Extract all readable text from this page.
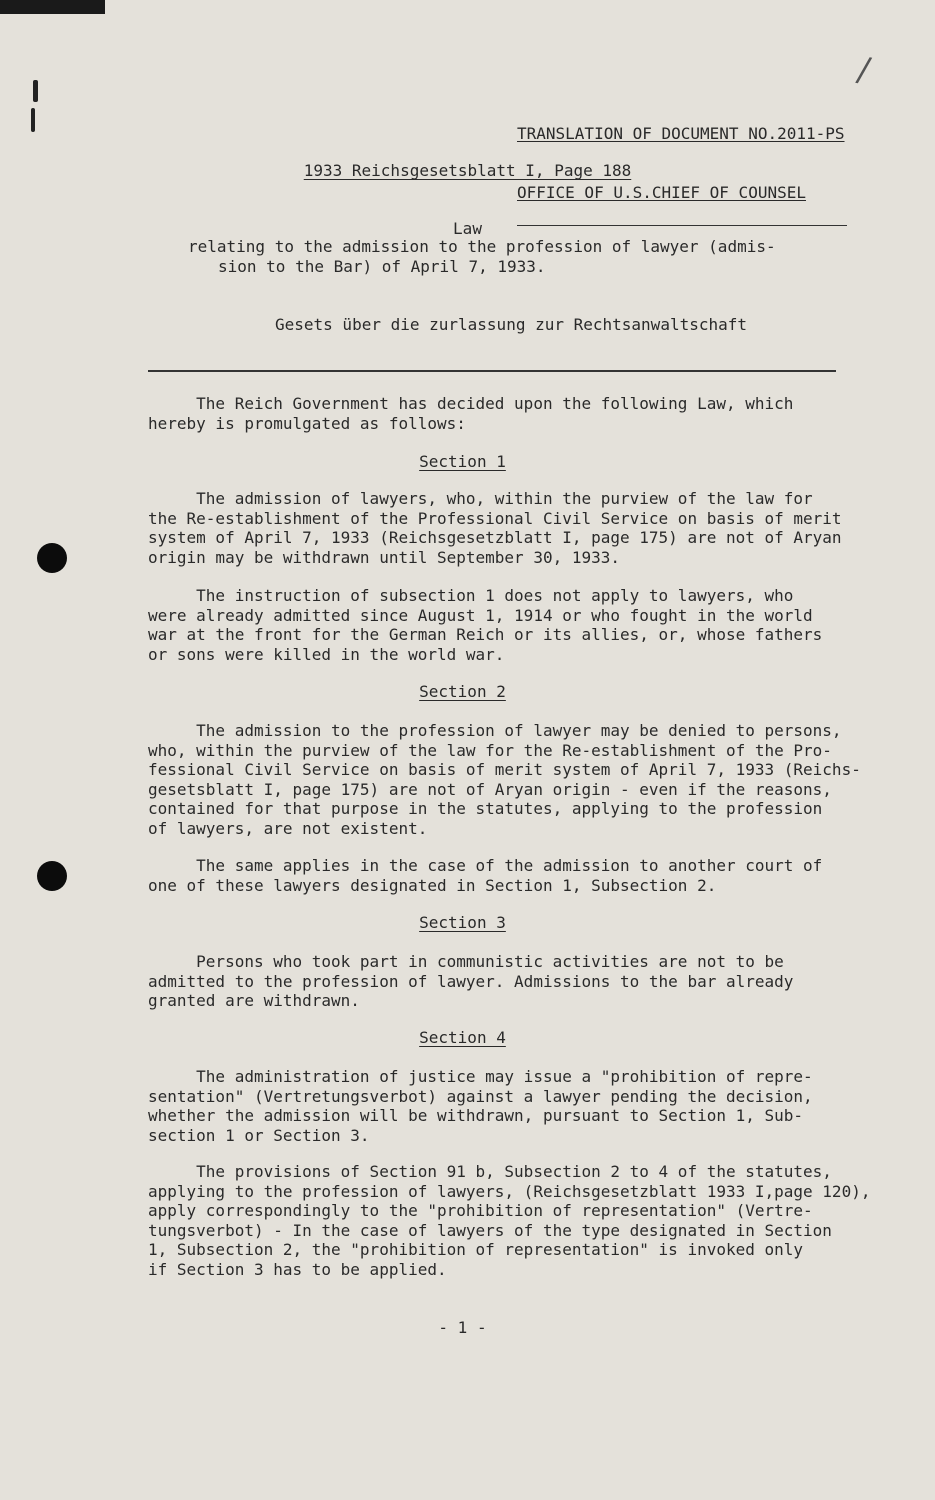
/

TRANSLATION OF DOCUMENT NO.2011-PS

OFFICE OF U.S.CHIEF OF COUNSEL

1933 Reichsgesetsblatt I, Page 188
Law
relating to the admission to the profession of lawyer (admis-
sion to the Bar) of April 7, 1933.
Gesets über die zurlassung zur Rechtsanwaltschaft

The Reich Government has decided upon the following Law, which
hereby is promulgated as follows:

Section 1

The admission of lawyers, who, within the purview of the law for
the Re-establishment of the Professional Civil Service on basis of merit
system of April 7, 1933 (Reichsgesetzblatt I, page 175) are not of Aryan
origin may be withdrawn until September 30, 1933.

The instruction of subsection 1 does not apply to lawyers, who
were already admitted since August 1, 1914 or who fought in the world
war at the front for the German Reich or its allies, or, whose fathers
or sons were killed in the world war.

Section 2

The admission to the profession of lawyer may be denied to persons,
who, within the purview of the law for the Re-establishment of the Pro-
fessional Civil Service on basis of merit system of April 7, 1933 (Reichs-
gesetsblatt I, page 175) are not of Aryan origin - even if the reasons,
contained for that purpose in the statutes, applying to the profession
of lawyers, are not existent.

The same applies in the case of the admission to another court of
one of these lawyers designated in Section 1, Subsection 2.

Section 3

Persons who took part in communistic activities are not to be
admitted to the profession of lawyer. Admissions to the bar already
granted are withdrawn.

Section 4

The administration of justice may issue a "prohibition of repre-
sentation" (Vertretungsverbot) against a lawyer pending the decision,
whether the admission will be withdrawn, pursuant to Section 1, Sub-
section 1 or Section 3.

The provisions of Section 91 b, Subsection 2 to 4 of the statutes,
applying to the profession of lawyers, (Reichsgesetzblatt 1933 I,page 120),
apply correspondingly to the "prohibition of representation" (Vertre-
tungsverbot) - In the case of lawyers of the type designated in Section
1, Subsection 2, the "prohibition of representation" is invoked only
if Section 3 has to be applied.

- 1 -
